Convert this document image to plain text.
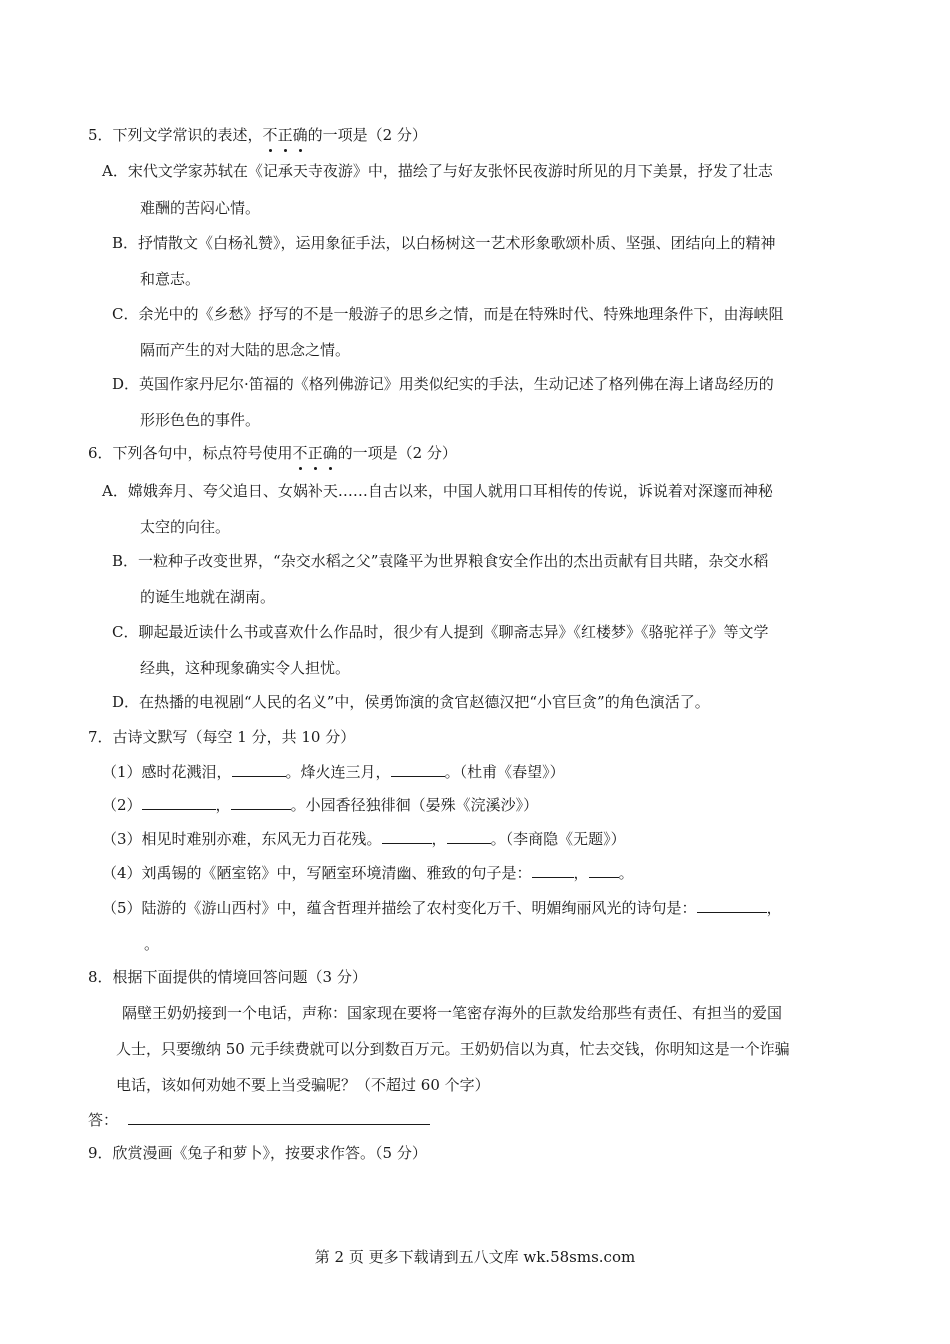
5．下列文学常识的表述，不正确的一项是（2 分）
A．宋代文学家苏轼在《记承天寺夜游》中，描绘了与好友张怀民夜游时所见的月下美景，抒发了壮志
难酬的苦闷心情。
B．抒情散文《白杨礼赞》，运用象征手法，以白杨树这一艺术形象歌颂朴质、坚强、团结向上的精神
和意志。
C．余光中的《乡愁》抒写的不是一般游子的思乡之情，而是在特殊时代、特殊地理条件下，由海峡阻
隔而产生的对大陆的思念之情。
D．英国作家丹尼尔·笛福的《格列佛游记》用类似纪实的手法，生动记述了格列佛在海上诸岛经历的
形形色色的事件。
6．下列各句中，标点符号使用不正确的一项是（2 分）
A．嫦娥奔月、夸父追日、女娲补天……自古以来，中国人就用口耳相传的传说，诉说着对深邃而神秘
太空的向往。
B．一粒种子改变世界，“杂交水稻之父”袁隆平为世界粮食安全作出的杰出贡献有目共睹，杂交水稻
的诞生地就在湖南。
C．聊起最近读什么书或喜欢什么作品时，很少有人提到《聊斋志异》《红楼梦》《骆驼祥子》等文学
经典，这种现象确实令人担忧。
D．在热播的电视剧“人民的名义”中，侯勇饰演的贪官赵德汉把“小官巨贪”的角色演活了。
7．古诗文默写（每空 1 分，共 10 分）
（1）感时花溅泪，	。烽火连三月，	。（杜甫《春望》）
（2）	，	。小园香径独徘徊（晏殊《浣溪沙》）
（3）相见时难别亦难，东风无力百花残。	，	。（李商隐《无题》）
（4）刘禹锡的《陋室铭》中，写陋室环境清幽、雅致的句子是：	， 。
（5）陆游的《游山西村》中，蕴含哲理并描绘了农村变化万千、明媚绚丽风光的诗句是：	，
。
8．根据下面提供的情境回答问题（3 分）
隔壁王奶奶接到一个电话，声称：国家现在要将一笔密存海外的巨款发给那些有责任、有担当的爱国
人士，只要缴纳 50 元手续费就可以分到数百万元。王奶奶信以为真，忙去交钱，你明知这是一个诈骗
电话，该如何劝她不要上当受骗呢？（不超过 60 个字）
答：
9．欣赏漫画《兔子和萝卜》，按要求作答。（5 分）
第 2 页 更多下载请到五八文库 wk.58sms.com
